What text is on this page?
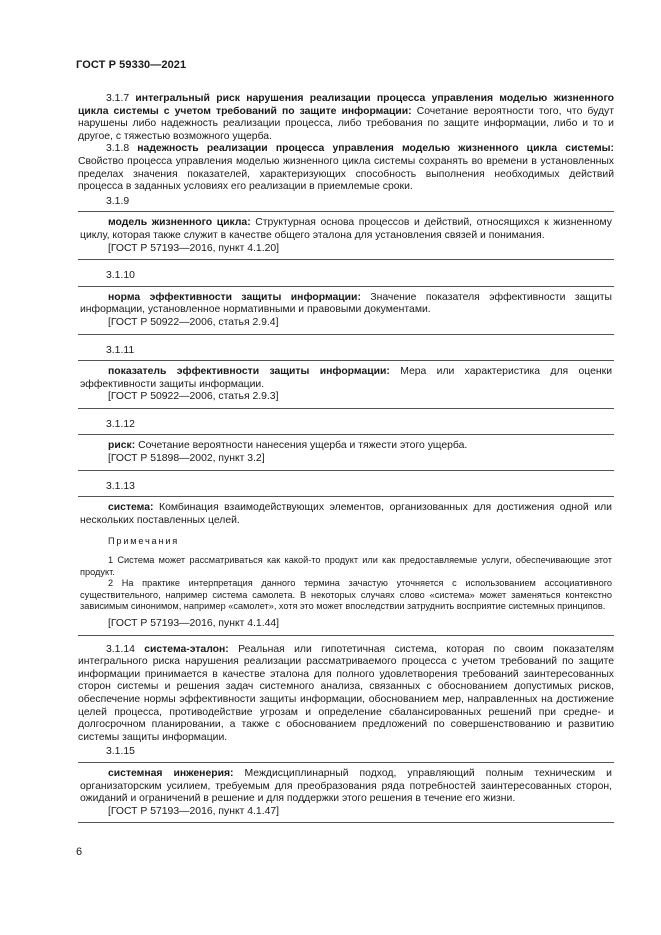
ГОСТ Р 59330—2021

3.1.7 интегральный риск нарушения реализации процесса управления моделью жизненного цикла системы с учетом требований по защите информации: Сочетание вероятности того, что будут нарушены либо надежность реализации процесса, либо требования по защите информации, либо и то и другое, с тяжестью возможного ущерба.

3.1.8 надежность реализации процесса управления моделью жизненного цикла системы: Свойство процесса управления моделью жизненного цикла системы сохранять во времени в установленных пределах значения показателей, характеризующих способность выполнения необходимых действий процесса в заданных условиях его реализации в приемлемые сроки.

3.1.9

модель жизненного цикла: Структурная основа процессов и действий, относящихся к жизненному циклу, которая также служит в качестве общего эталона для установления связей и понимания.

[ГОСТ Р 57193—2016, пункт 4.1.20]

3.1.10

норма эффективности защиты информации: Значение показателя эффективности защиты информации, установленное нормативными и правовыми документами.

[ГОСТ Р 50922—2006, статья 2.9.4]

3.1.11

показатель эффективности защиты информации: Мера или характеристика для оценки эффективности защиты информации.

[ГОСТ Р 50922—2006, статья 2.9.3]

3.1.12

риск: Сочетание вероятности нанесения ущерба и тяжести этого ущерба.

[ГОСТ Р 51898—2002, пункт 3.2]

3.1.13

система: Комбинация взаимодействующих элементов, организованных для достижения одной или нескольких поставленных целей.

Примечания

1 Система может рассматриваться как какой-то продукт или как предоставляемые услуги, обеспечивающие этот продукт.

2 На практике интерпретация данного термина зачастую уточняется с использованием ассоциативного существительного, например система самолета. В некоторых случаях слово «система» может заменяться контекстно зависимым синонимом, например «самолет», хотя это может впоследствии затруднить восприятие системных принципов.

[ГОСТ Р 57193—2016, пункт 4.1.44]

3.1.14 система-эталон: Реальная или гипотетичная система, которая по своим показателям интегрального риска нарушения реализации рассматриваемого процесса с учетом требований по защите информации принимается в качестве эталона для полного удовлетворения требований заинтересованных сторон системы и решения задач системного анализа, связанных с обоснованием допустимых рисков, обеспечение нормы эффективности защиты информации, обоснованием мер, направленных на достижение целей процесса, противодействие угрозам и определение сбалансированных решений при средне- и долгосрочном планировании, а также с обоснованием предложений по совершенствованию и развитию системы защиты информации.

3.1.15

системная инженерия: Междисциплинарный подход, управляющий полным техническим и организаторским усилием, требуемым для преобразования ряда потребностей заинтересованных сторон, ожиданий и ограничений в решение и для поддержки этого решения в течение его жизни.

[ГОСТ Р 57193—2016, пункт 4.1.47]

6
